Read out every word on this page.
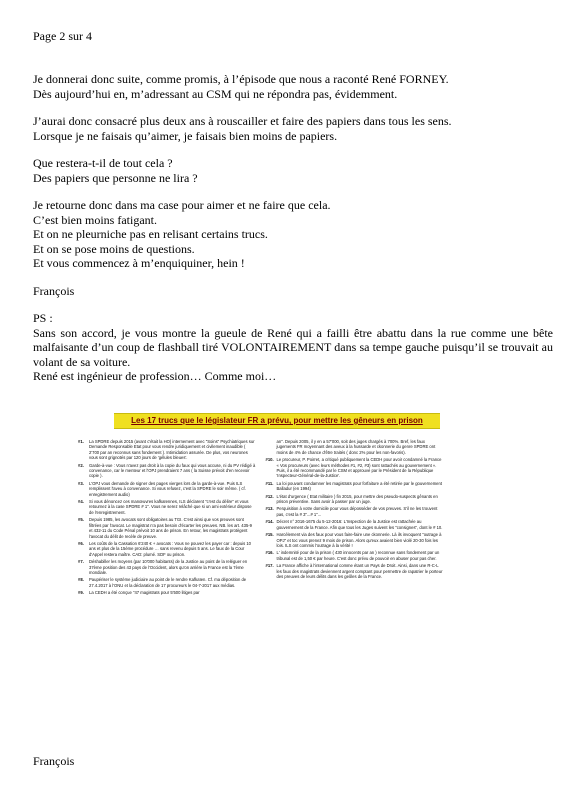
Page 2 sur 4
Je donnerai donc suite, comme promis, à l’épisode que nous a raconté René FORNEY.
Dès aujourd’hui en, m’adressant au CSM qui ne répondra pas, évidemment.
J’aurai donc consacré plus deux ans à rouscailler et faire des papiers dans tous les sens.
Lorsque je ne faisais qu’aimer, je faisais bien moins de papiers.
Que restera-t-il de tout cela ?
Des papiers que personne ne lira ?
Je retourne donc dans ma case pour aimer et ne faire que cela.
C’est bien moins fatigant.
Et on ne pleurniche pas en relisant certains trucs.
Et on se pose moins de questions.
Et vous commencez à m’enquiquiner, hein !
François
PS :
Sans son accord, je vous montre la gueule de René qui a failli être abattu dans la rue comme une bête malfaisante d’un coup de flashball tiré VOLONTAIREMENT dans sa tempe gauche puisqu’il se trouvait au volant de sa voiture.
René est ingénieur de profession… Comme moi…
Les 17 trucs que le législateur FR a prévu, pour mettre les gêneurs en prison
#1.	La SPDRE depuis 2015 (avant c'était la HO) internement avec "Soins" Psychiatriques sur Demande Responsable Etat pour vous rendre juridiquement et civilement inaudible ( 2'700 par an reconnus sans fondement ). Intimidation assurée. De plus, vos neurones vous sont grignotés par 120 jours de 'gélules bleues'.
#2.	Garde-à-vue : Vous n'avez pas droit à la copie du faux qui vous accuse, ni du PV rédigé à convenance, car le menteur et l'OPJ prendraient 7 ans ( la Suisse prévoit d'en recevoir copie ).
#3.	L'OPJ vous demande de signer des pages vierges lors de la garde-à-vue. Puis ILS remplissent l'aveu à convenance. Si vous refusez, c'est la SPDRE le soir même. ( cf. enregistrement audio)
#4.	Si vous dénoncez ces manœuvres kafkaïennes, ILS déclarent "c'est du délire" et vous retournez à la case SPDRE # 1". Vous ne serez relâché que si un ami extérieur dispose de l'enregistrement.
#5.	Depuis 1985, les avocats sont obligatoires au TGI. C'est ainsi que vos preuves sont filtrées par l'avocat. Le magistrat n'a pas besoin d'écarter les preuves. NB. les art. 435-9 et 432-11 du Code Pénal prévoit 10 ans de prison. En retour, les magistrats protègent l'avocat du délit de recèle de preuve.
#6.	Les coûts de la Cassation 6'240 € + avocats : Vous ne pouvez les payer car : depuis 10 ans et plus de la 15ème procédure … sans revenu depuis 5 ans. Le faux de la Cour d'Appel restera maître. CAD: plumé. SDF ou prison.
#7.	Déshabiller les moyens (par 10'000 habitants) de la Justice au point de la reléguer en 37ème position des 43 pays de l'Occident, alors qu'on arrière la France est la 7ème mondiale.
#8.	Paupériser le système judiciaire au point de le rendre Kafkaïen. Cf. ma déposition de 27.4.2017 à l'ONU et la déclaration de 17 procureurs le 04-7-2017 aux médias.
#9.	La CEDH a été conçue "47 magistrats pour 5'500 litiges par
an". Depuis 2005, il y en a 57'000, soit des juges chargés à 700%. Bref, les faux jugements FR moyennant des aveux à la hussarde et ckonnerie du genre SPDRE ont moins de 4% de chance d'être traités ( donc 2% pour les non-favoris).
#10. Le procureur, P. Poirret, a critiqué publiquement la CEDH pour avoir condamné la France « Vos procureurs (avec leurs méthodes #1, #2, #3) sont rattachés au gouvernement ». Puis, il a été recommandé par le CSM et approuvé par le Président de la République 'Inspecteur-Général-de-la-Justice'.
#11. La loi pouvant condamner les magistrats pour forfaiture a été retirée par le gouvernement Balladur (en 1994)
#12. L'état d'urgence ( Etat militaire ) fin 2015, pour mettre des pseudo-suspects gênants en prison préventive. Sans avoir à passer par un juge.
#13. Perquisition à votre domicile pour vous déposséder de vos preuves. S'il ne les trouvent pas, c'est la # 3"...# 1"...
#14. Décret n° 2016-1675 du 5-12-2016: L'Inspection de la Justice est rattachée au gouvernement de la France. Afin que tous les Juges suivent les "consignes", dont le # 10.
#15. Harcèlement via des faux pour vous faire-faire une ckonnerie. Là ils invoquent "outrage à OPJ" et toc vous prenez 9 mois de prison. Alors qu'eux avaient bien violé 20-30 fois les lois. ILS ont commis l'outrage à la vérité !
#16. L' indemnité pour de la prison ( 430 innocents par an ) reconnue sans fondement par un tribunal est de 1,50 € par heure. C'est donc prévu de pouvoir en abuser pour pas cher.
#17. La France affiche à l'international comme étant un Pays de Droit. Ainsi, dans une R-C-L les faux des magistrats deviennent argent comptant pour permettre de rapatrier le porteur des preuves de leurs délits dans les geôles de la France.
François
